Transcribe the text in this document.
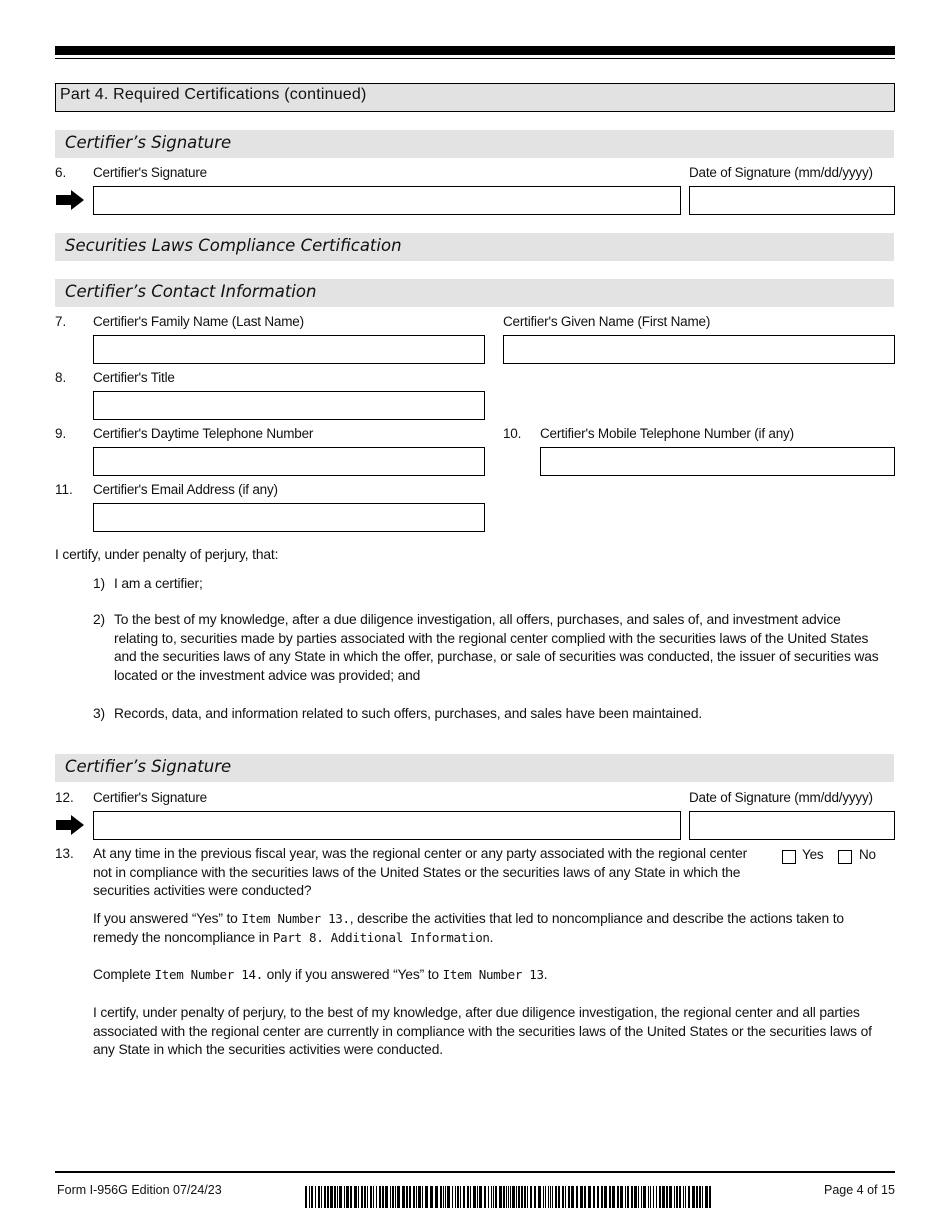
Part 4. Required Certifications (continued)
Certifier’s Signature
6. Certifier's Signature	Date of Signature (mm/dd/yyyy)
Securities Laws Compliance Certification
Certifier’s Contact Information
7. Certifier's Family Name (Last Name)	Certifier's Given Name (First Name)
8. Certifier's Title
9. Certifier's Daytime Telephone Number	10. Certifier's Mobile Telephone Number (if any)
11. Certifier's Email Address (if any)
I certify, under penalty of perjury, that:
1) I am a certifier;
2) To the best of my knowledge, after a due diligence investigation, all offers, purchases, and sales of, and investment advice relating to, securities made by parties associated with the regional center complied with the securities laws of the United States and the securities laws of any State in which the offer, purchase, or sale of securities was conducted, the issuer of securities was located or the investment advice was provided; and
3) Records, data, and information related to such offers, purchases, and sales have been maintained.
Certifier’s Signature
12. Certifier's Signature	Date of Signature (mm/dd/yyyy)
13. At any time in the previous fiscal year, was the regional center or any party associated with the regional center not in compliance with the securities laws of the United States or the securities laws of any State in which the securities activities were conducted?
Yes	No
If you answered “Yes” to Item Number 13., describe the activities that led to noncompliance and describe the actions taken to remedy the noncompliance in Part 8. Additional Information.
Complete Item Number 14. only if you answered “Yes” to Item Number 13.
I certify, under penalty of perjury, to the best of my knowledge, after due diligence investigation, the regional center and all parties associated with the regional center are currently in compliance with the securities laws of the United States or the securities laws of any State in which the securities activities were conducted.
Form I-956G Edition 07/24/23	Page 4 of 15
